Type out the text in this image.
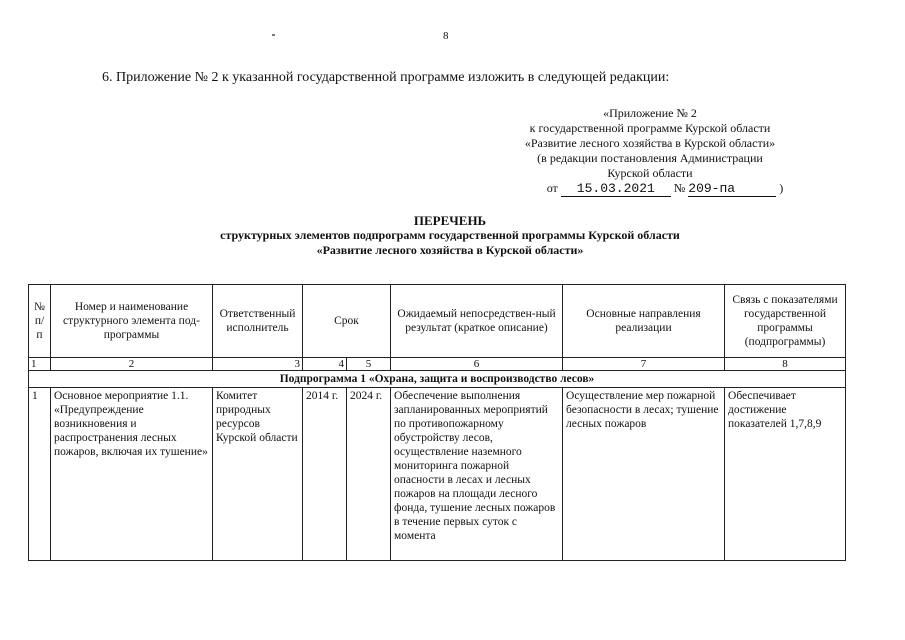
8
6. Приложение № 2 к указанной государственной программе изложить в следующей редакции:
«Приложение № 2
к государственной программе Курской области
«Развитие лесного хозяйства в Курской области»
(в редакции постановления Администрации
Курской области
от 15.03.2021 № 209-па	)
ПЕРЕЧЕНЬ
структурных элементов подпрограмм государственной программы Курской области
«Развитие лесного хозяйства в Курской области»
№ п/п	Номер и наименование структурного элемента под-программы	Ответственный исполнитель	Срок		Ожидаемый непосредствен-ный результат (краткое описание)	Основные направления реализации	Связь с показателями государственной программы (подпрограммы)
1	2	3	4	5	6	7	8
Подпрограмма 1 «Охрана, защита и воспроизводство лесов»							
1	Основное мероприятие 1.1. «Предупреждение возникновения и распространения лесных пожаров, включая их тушение»	Комитет природных ресурсов Курской области	2014 г.	2024 г.	Обеспечение выполнения запланированных мероприятий по противопожарному обустройству лесов, осуществление наземного мониторинга пожарной опасности в лесах и лесных пожаров на площади лесного фонда, тушение лесных пожаров в течение первых суток с момента	Осуществление мер пожарной безопасности в лесах; тушение лесных пожаров	Обеспечивает достижение показателей 1,7,8,9
